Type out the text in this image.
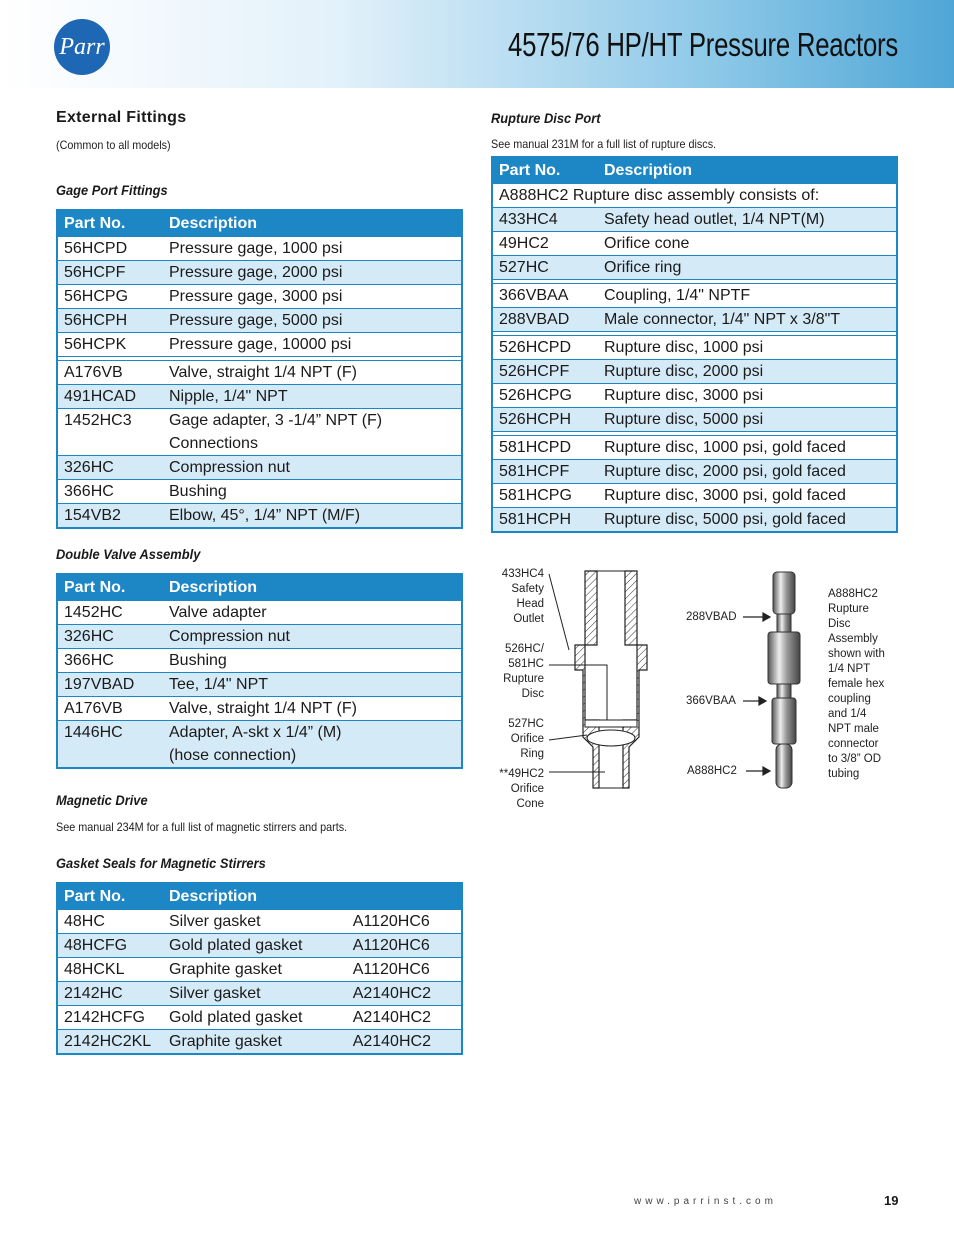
Parr	4575/76 HP/HT Pressure Reactors
External Fittings
(Common to all models)
Gage Port Fittings
Part No.	Description
56HCPD	Pressure gage, 1000 psi
56HCPF	Pressure gage, 2000 psi
56HCPG	Pressure gage, 3000 psi
56HCPH	Pressure gage, 5000 psi
56HCPK	Pressure gage, 10000 psi

A176VB	Valve, straight 1/4 NPT (F)
491HCAD	Nipple, 1/4" NPT
1452HC3	Gage adapter, 3 -1/4” NPT (F)
Connections
326HC	Compression nut
366HC	Bushing
154VB2	Elbow, 45°, 1/4” NPT (M/F)
Double Valve Assembly
Part No.	Description
1452HC	Valve adapter
326HC	Compression nut
366HC	Bushing
197VBAD	Tee, 1/4" NPT
A176VB	Valve, straight 1/4 NPT (F)
1446HC	Adapter, A-skt x 1/4” (M)
(hose connection)
Magnetic Drive
See manual 234M for a full list of magnetic stirrers and parts.
Gasket Seals for Magnetic Stirrers
Part No.	Description	
48HC	Silver gasket	A1120HC6
48HCFG	Gold plated gasket	A1120HC6
48HCKL	Graphite gasket	A1120HC6
2142HC	Silver gasket	A2140HC2
2142HCFG	Gold plated gasket	A2140HC2
2142HC2KL	Graphite gasket	A2140HC2
Rupture Disc Port
See manual 231M for a full list of rupture discs.
Part No.	Description
A888HC2 Rupture disc assembly consists of:	
433HC4	Safety head outlet, 1/4 NPT(M)
49HC2	Orifice cone
527HC	Orifice ring

366VBAA	Coupling, 1/4" NPTF
288VBAD	Male connector, 1/4" NPT x 3/8"T

526HCPD	Rupture disc, 1000 psi
526HCPF	Rupture disc, 2000 psi
526HCPG	Rupture disc, 3000 psi
526HCPH	Rupture disc, 5000 psi

581HCPD	Rupture disc, 1000 psi, gold faced
581HCPF	Rupture disc, 2000 psi, gold faced
581HCPG	Rupture disc, 3000 psi, gold faced
581HCPH	Rupture disc, 5000 psi, gold faced
433HC4
Safety
Head
Outlet
526HC/
581HC
Rupture
Disc
527HC
Orifice
Ring
**49HC2
Orifice
Cone
288VBAD
366VBAA
A888HC2
A888HC2
Rupture
Disc
Assembly
shown with
1/4 NPT
female hex
coupling
and 1/4
NPT male
connector
to 3/8” OD
tubing
www.parrinst.com	19
